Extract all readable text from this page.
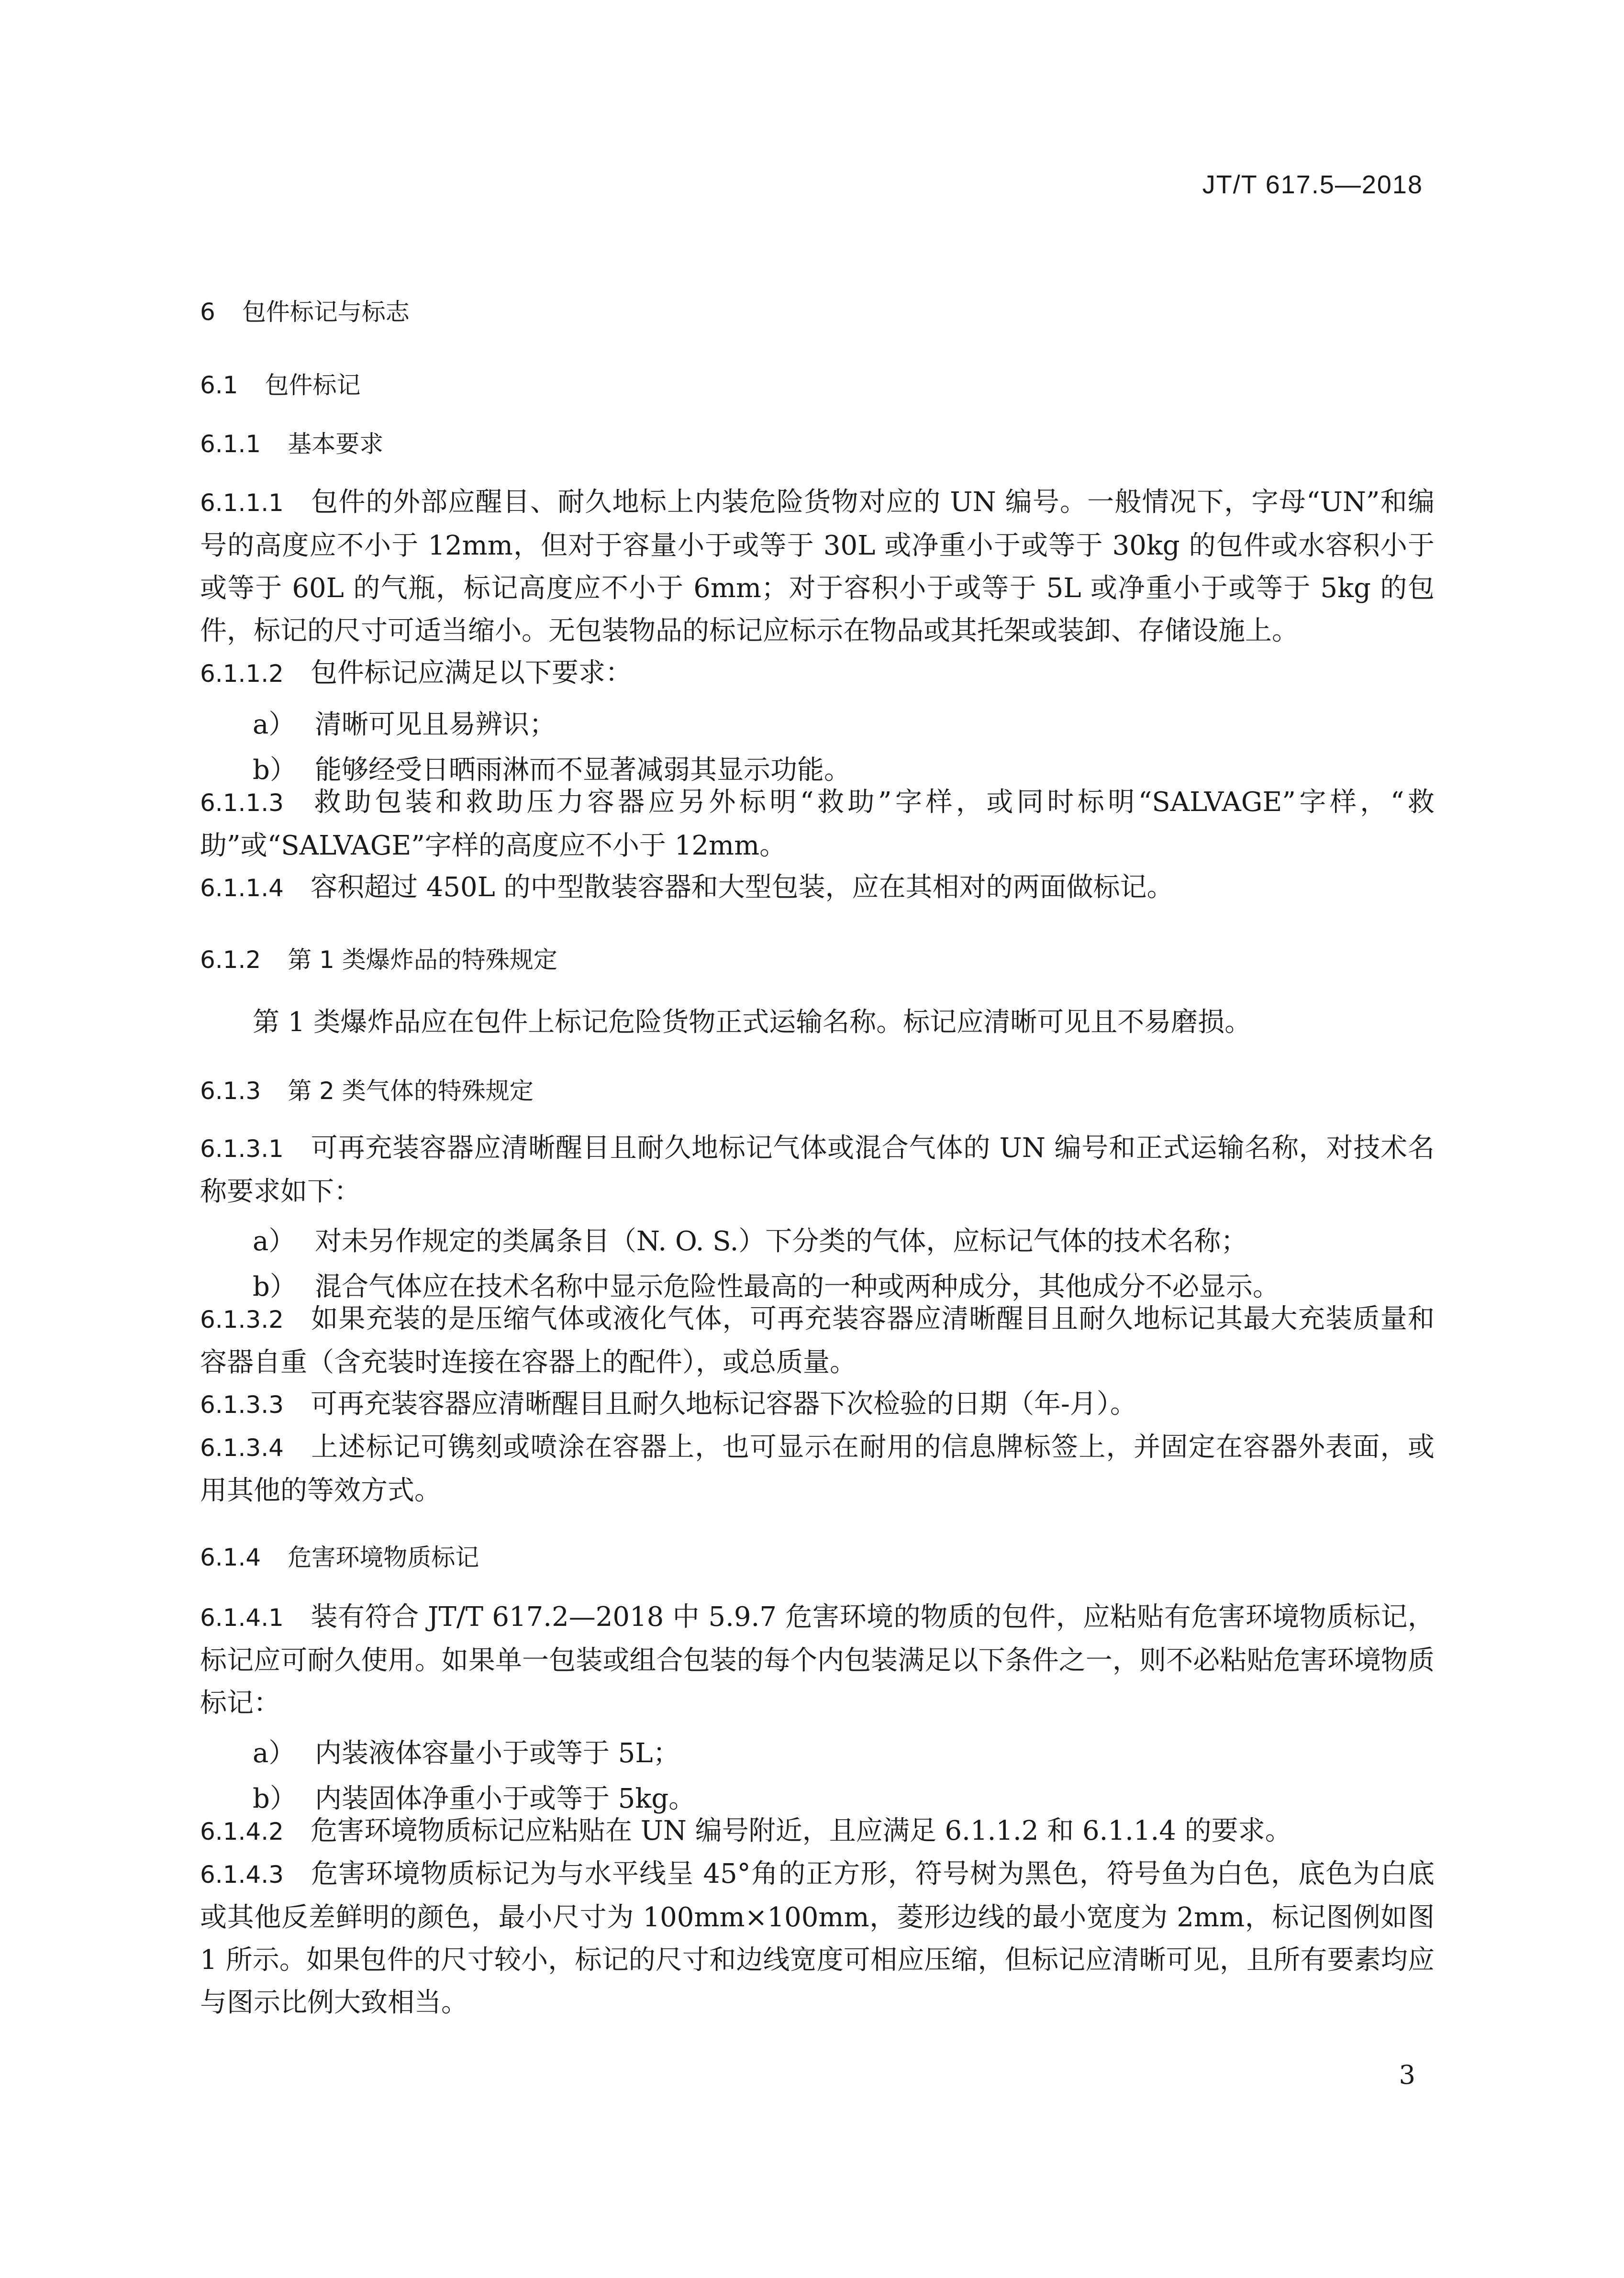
JT/T 617.5—2018
6 包件标记与标志
6.1 包件标记
6.1.1 基本要求
6.1.1.1 包件的外部应醒目、耐久地标上内装危险货物对应的 UN 编号。一般情况下，字母“UN”和编号的高度应不小于 12mm，但对于容量小于或等于 30L 或净重小于或等于 30kg 的包件或水容积小于或等于 60L 的气瓶，标记高度应不小于 6mm；对于容积小于或等于 5L 或净重小于或等于 5kg 的包件，标记的尺寸可适当缩小。无包装物品的标记应标示在物品或其托架或装卸、存储设施上。
6.1.1.2 包件标记应满足以下要求：
a） 清晰可见且易辨识；
b） 能够经受日晒雨淋而不显著减弱其显示功能。
6.1.1.3 救助包装和救助压力容器应另外标明“救助”字样，或同时标明“SALVAGE”字样，“救助”或“SALVAGE”字样的高度应不小于 12mm。
6.1.1.4 容积超过 450L 的中型散装容器和大型包装，应在其相对的两面做标记。
6.1.2 第 1 类爆炸品的特殊规定
第 1 类爆炸品应在包件上标记危险货物正式运输名称。标记应清晰可见且不易磨损。
6.1.3 第 2 类气体的特殊规定
6.1.3.1 可再充装容器应清晰醒目且耐久地标记气体或混合气体的 UN 编号和正式运输名称，对技术名称要求如下：
a） 对未另作规定的类属条目（N. O. S.）下分类的气体，应标记气体的技术名称；
b） 混合气体应在技术名称中显示危险性最高的一种或两种成分，其他成分不必显示。
6.1.3.2 如果充装的是压缩气体或液化气体，可再充装容器应清晰醒目且耐久地标记其最大充装质量和容器自重（含充装时连接在容器上的配件），或总质量。
6.1.3.3 可再充装容器应清晰醒目且耐久地标记容器下次检验的日期（年-月）。
6.1.3.4 上述标记可镌刻或喷涂在容器上，也可显示在耐用的信息牌标签上，并固定在容器外表面，或用其他的等效方式。
6.1.4 危害环境物质标记
6.1.4.1 装有符合 JT/T 617.2—2018 中 5.9.7 危害环境的物质的包件，应粘贴有危害环境物质标记，标记应可耐久使用。如果单一包装或组合包装的每个内包装满足以下条件之一，则不必粘贴危害环境物质标记：
a） 内装液体容量小于或等于 5L；
b） 内装固体净重小于或等于 5kg。
6.1.4.2 危害环境物质标记应粘贴在 UN 编号附近，且应满足 6.1.1.2 和 6.1.1.4 的要求。
6.1.4.3 危害环境物质标记为与水平线呈 45°角的正方形，符号树为黑色，符号鱼为白色，底色为白底或其他反差鲜明的颜色，最小尺寸为 100mm×100mm，菱形边线的最小宽度为 2mm，标记图例如图 1 所示。如果包件的尺寸较小，标记的尺寸和边线宽度可相应压缩，但标记应清晰可见，且所有要素均应与图示比例大致相当。
3
